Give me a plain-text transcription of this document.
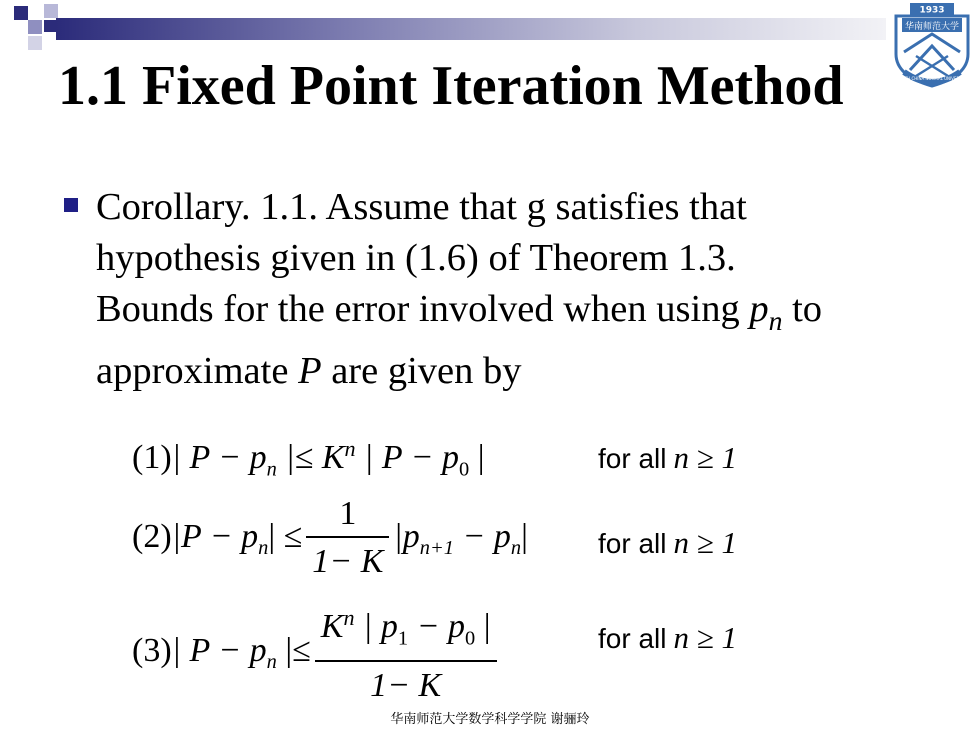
1933
华南师范大学
SOUTH CHINA NORMAL UNIVERSITY
1.1 Fixed Point Iteration Method
Corollary. 1.1. Assume that g satisfies that
hypothesis given in (1.6) of Theorem 1.3.
Bounds for the error involved when using $p_n$ to
approximate P are given by
(1)| $P - p_n$ |≤ $K^n$ | $P - p_0$ |
$(2)|P - p_n| \le \frac{1}{1- K} |p_{n+1} - p_n|$
(3)| $P - p_n$ |≤ $\frac{K^n | p_1 - p_0 |}{1- K}$
for all n ≥ 1
for all n ≥ 1
for all n ≥ 1
华南师范大学数学科学学院 谢骊玲
